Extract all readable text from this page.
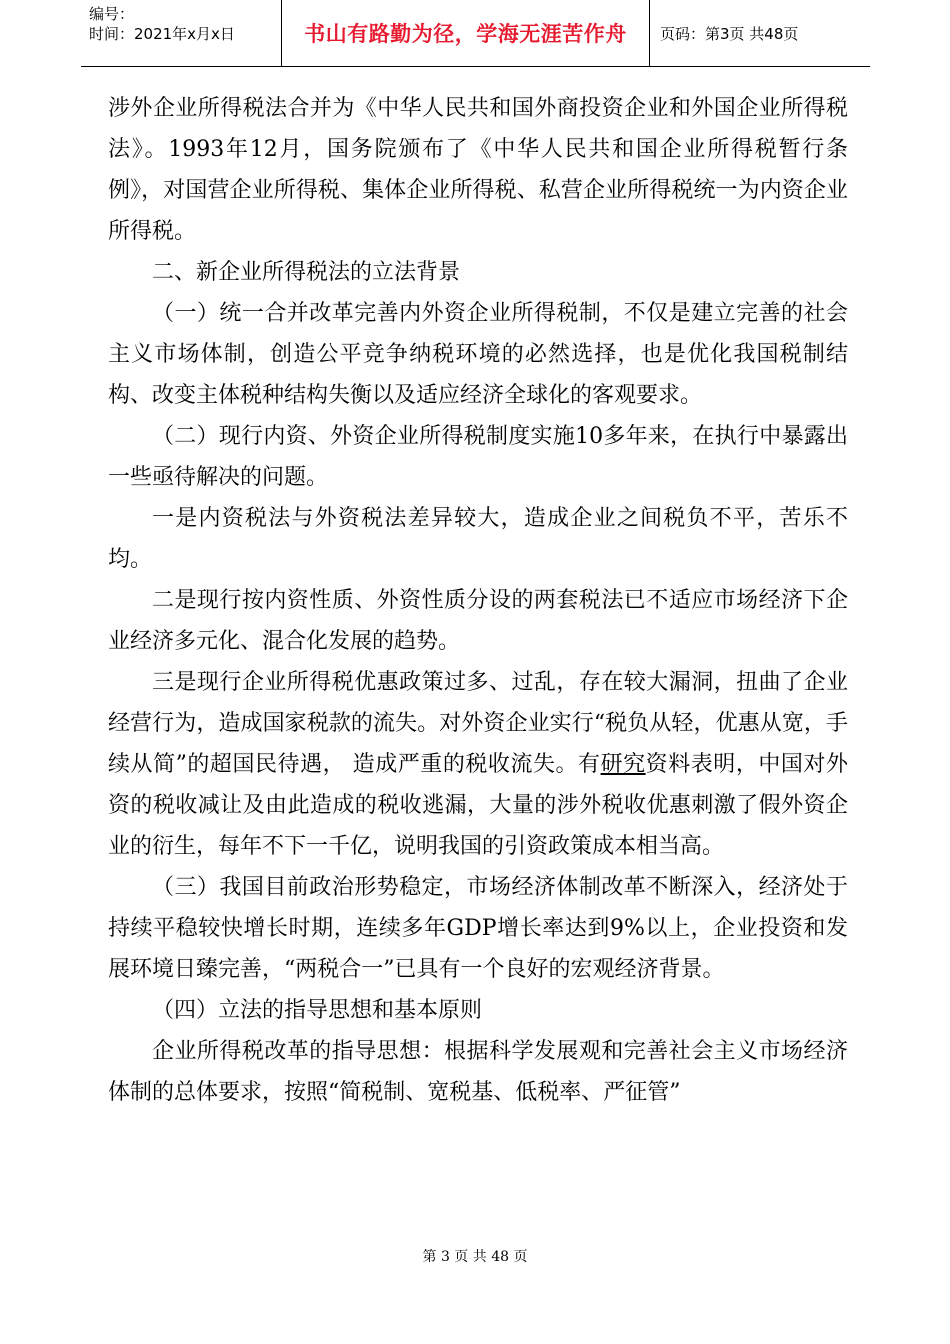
编号：
时间：2021年x月x日	书山有路勤为径，学海无涯苦作舟	页码：第3页 共48页

涉外企业所得税法合并为《中华人民共和国外商投资企业和外国企业所得税法》。1993年12月，国务院颁布了《中华人民共和国企业所得税暂行条例》，对国营企业所得税、集体企业所得税、私营企业所得税统一为内资企业所得税。

二、新企业所得税法的立法背景

（一）统一合并改革完善内外资企业所得税制，不仅是建立完善的社会主义市场体制，创造公平竞争纳税环境的必然选择，也是优化我国税制结构、改变主体税种结构失衡以及适应经济全球化的客观要求。

（二）现行内资、外资企业所得税制度实施10多年来，在执行中暴露出一些亟待解决的问题。

一是内资税法与外资税法差异较大，造成企业之间税负不平，苦乐不均。

二是现行按内资性质、外资性质分设的两套税法已不适应市场经济下企业经济多元化、混合化发展的趋势。

三是现行企业所得税优惠政策过多、过乱，存在较大漏洞，扭曲了企业经营行为，造成国家税款的流失。对外资企业实行“税负从轻，优惠从宽，手续从简”的超国民待遇， 造成严重的税收流失。有研究资料表明，中国对外资的税收减让及由此造成的税收逃漏，大量的涉外税收优惠刺激了假外资企业的衍生，每年不下一千亿，说明我国的引资政策成本相当高。

（三）我国目前政治形势稳定，市场经济体制改革不断深入，经济处于持续平稳较快增长时期，连续多年GDP增长率达到9%以上，企业投资和发展环境日臻完善，“两税合一”已具有一个良好的宏观经济背景。

（四）立法的指导思想和基本原则

企业所得税改革的指导思想：根据科学发展观和完善社会主义市场经济体制的总体要求，按照“简税制、宽税基、低税率、严征管”

第 3 页 共 48 页
